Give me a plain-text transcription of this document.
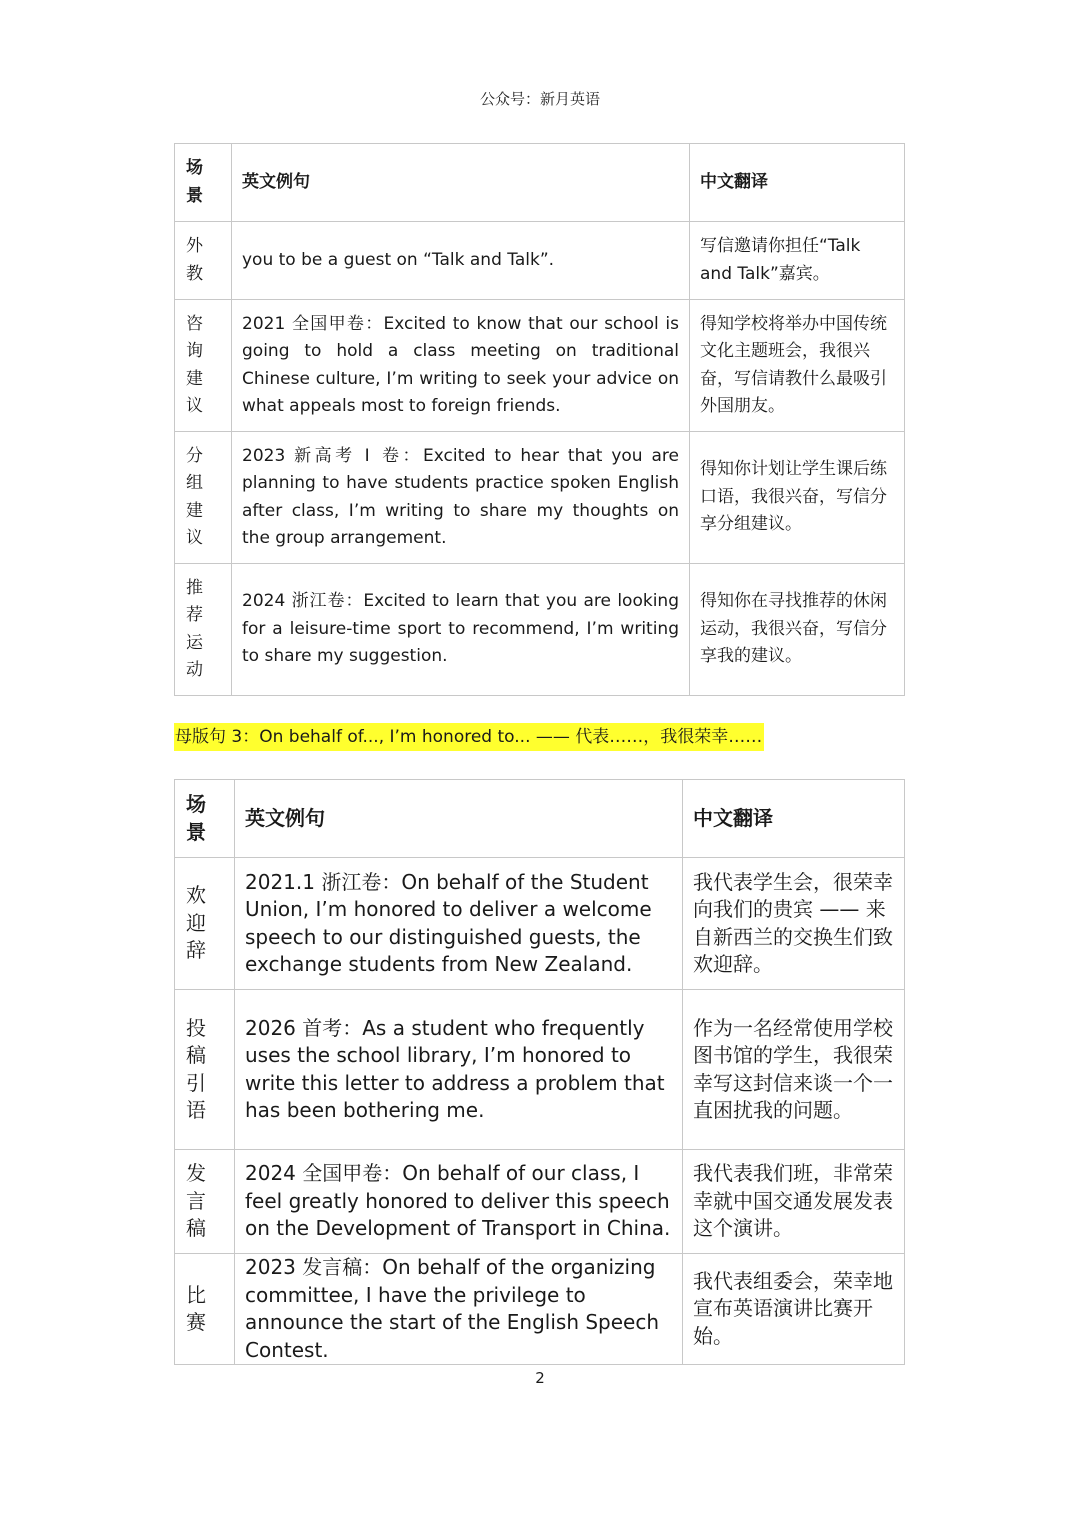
公众号：新月英语
场
景	英文例句	中文翻译

外
教	you to be a guest on “Talk and Talk”.	写信邀请你担任“Talk and Talk”嘉宾。

咨
询
建
议	2021 全国甲卷：Excited to know that our school is going to hold a class meeting on traditional Chinese culture, I’m writing to seek your advice on what appeals most to foreign friends.	得知学校将举办中国传统文化主题班会，我很兴奋，写信请教什么最吸引外国朋友。

分
组
建
议	2023 新高考 Ⅰ 卷：Excited to hear that you are planning to have students practice spoken English after class, I’m writing to share my thoughts on the group arrangement.	得知你计划让学生课后练口语，我很兴奋，写信分享分组建议。

推
荐
运
动	2024 浙江卷：Excited to learn that you are looking for a leisure-time sport to recommend, I’m writing to share my suggestion.	得知你在寻找推荐的休闲运动，我很兴奋，写信分享我的建议。
母版句 3：On behalf of..., I’m honored to... —— 代表……，我很荣幸……
场
景	英文例句	中文翻译

欢
迎
辞	2021.1 浙江卷：On behalf of the Student Union, I’m honored to deliver a welcome speech to our distinguished guests, the exchange students from New Zealand.	我代表学生会，很荣幸向我们的贵宾 —— 来自新西兰的交换生们致欢迎辞。

投
稿
引
语	2026 首考：As a student who frequently uses the school library, I’m honored to write this letter to address a problem that has been bothering me.	作为一名经常使用学校图书馆的学生，我很荣幸写这封信来谈一个一直困扰我的问题。

发
言
稿	2024 全国甲卷：On behalf of our class, I feel greatly honored to deliver this speech on the Development of Transport in China.	我代表我们班，非常荣幸就中国交通发展发表这个演讲。

比
赛	2023 发言稿：On behalf of the organizing committee, I have the privilege to announce the start of the English Speech Contest.	我代表组委会，荣幸地宣布英语演讲比赛开始。
2
